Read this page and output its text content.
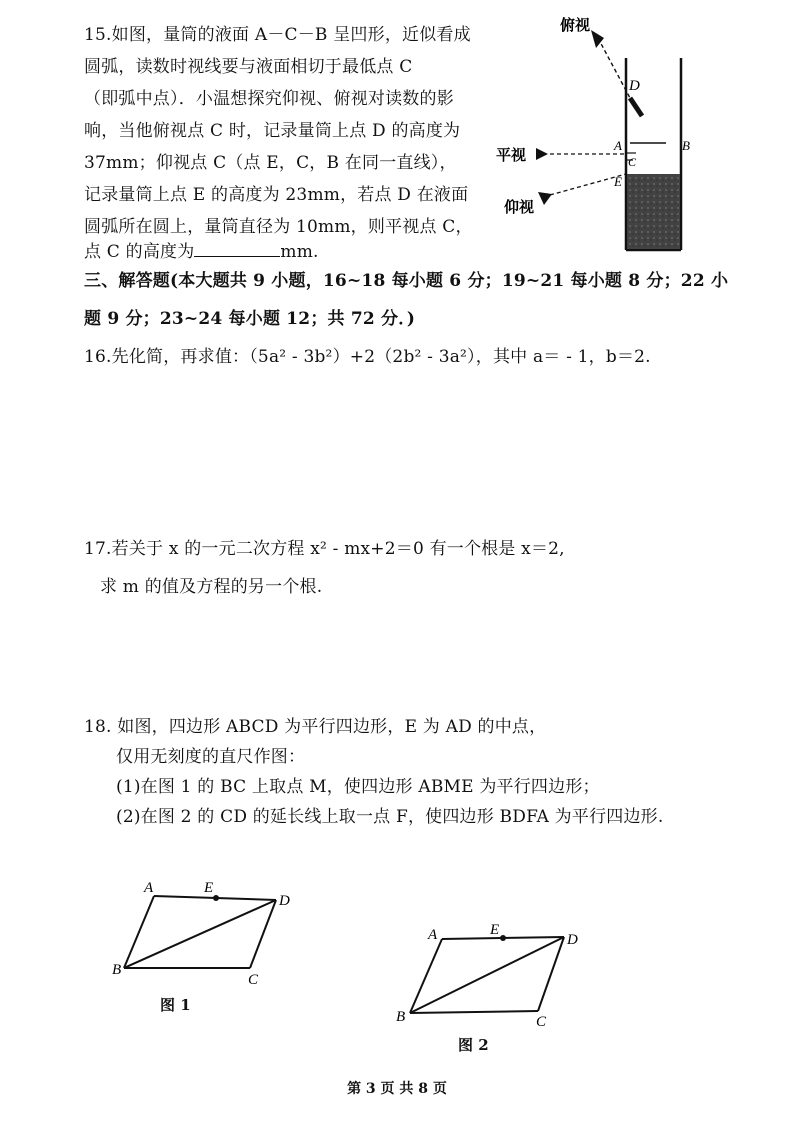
15.如图，量筒的液面 A－C－B 呈凹形，近似看成
圆弧，读数时视线要与液面相切于最低点 C
（即弧中点）．小温想探究仰视、俯视对读数的影
响，当他俯视点 C 时，记录量筒上点 D 的高度为
37mm；仰视点 C（点 E，C，B 在同一直线），
记录量筒上点 E 的高度为 23mm，若点 D 在液面
圆弧所在圆上，量筒直径为 10mm，则平视点 C，
点 C 的高度为	mm.
俯视
平视
仰视
D
A	B
C
E
三、解答题(本大题共 9 小题，16~18 每小题 6 分；19~21 每小题 8 分；22 小
题 9 分；23~24 每小题 12；共 72 分．)
16.先化简，再求值：（5a² - 3b²）+2（2b² - 3a²），其中 a＝ - 1，b＝2.
17.若关于 x 的一元二次方程 x² - mx+2＝0 有一个根是 x＝2,
求 m 的值及方程的另一个根.
18. 如图，四边形 ABCD 为平行四边形，E 为 AD 的中点，
仅用无刻度的直尺作图：
(1)在图 1 的 BC 上取点 M，使四边形 ABME 为平行四边形；
(2)在图 2 的 CD 的延长线上取一点 F，使四边形 BDFA 为平行四边形.
A	E
D
B
C
图 1
A	E
D
B	C
图 2
第 3 页 共 8 页
